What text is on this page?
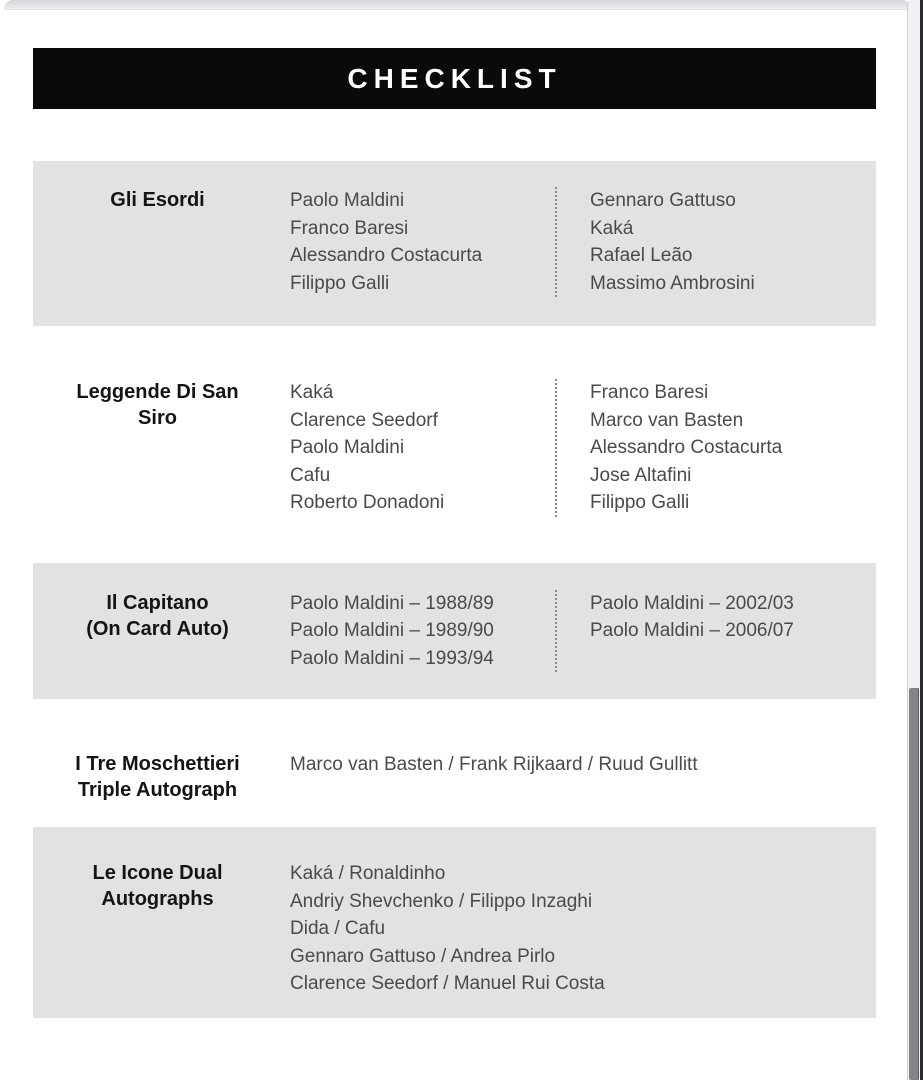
CHECKLIST
Gli Esordi	Paolo Maldini
Franco Baresi
Alessandro Costacurta
Filippo Galli
Gennaro Gattuso
Kaká
Rafael Leão
Massimo Ambrosini
Leggende Di San
Siro
Kaká
Clarence Seedorf
Paolo Maldini
Cafu
Roberto Donadoni
Franco Baresi
Marco van Basten
Alessandro Costacurta
Jose Altafini
Filippo Galli
Il Capitano
(On Card Auto)
Paolo Maldini – 1988/89
Paolo Maldini – 1989/90
Paolo Maldini – 1993/94
Paolo Maldini – 2002/03
Paolo Maldini – 2006/07
I Tre Moschettieri
Triple Autograph
Marco van Basten / Frank Rijkaard / Ruud Gullitt
Le Icone Dual
Autographs
Kaká / Ronaldinho
Andriy Shevchenko / Filippo Inzaghi
Dida / Cafu
Gennaro Gattuso / Andrea Pirlo
Clarence Seedorf / Manuel Rui Costa
